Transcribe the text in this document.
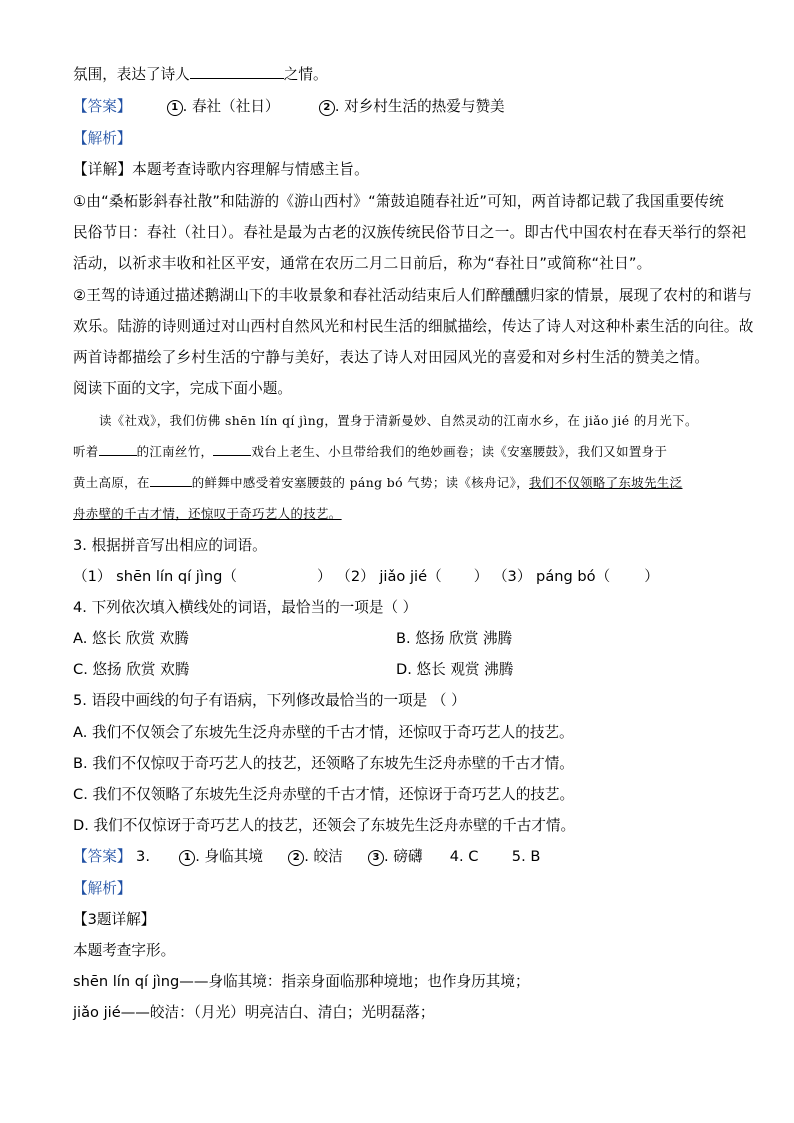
氛围，表达了诗人	之情。
【答案】	1 . 春社（社日）	2 . 对乡村生活的热爱与赞美
【解析】
【详解】本题考查诗歌内容理解与情感主旨。
①由“桑柘影斜春社散”和陆游的《游山西村》“箫鼓追随春社近”可知，两首诗都记载了我国重要传统
民俗节日：春社（社日）。春社是最为古老的汉族传统民俗节日之一。即古代中国农村在春天举行的祭祀
活动，以祈求丰收和社区平安，通常在农历二月二日前后，称为“春社日”或简称“社日”。
②王驾的诗通过描述鹅湖山下的丰收景象和春社活动结束后人们醉醺醺归家的情景，展现了农村的和谐与
欢乐。陆游的诗则通过对山西村自然风光和村民生活的细腻描绘，传达了诗人对这种朴素生活的向往。故
两首诗都描绘了乡村生活的宁静与美好，表达了诗人对田园风光的喜爱和对乡村生活的赞美之情。
阅读下面的文字，完成下面小题。
读《社戏》，我们仿佛 shēn lín qí jìng，置身于清新曼妙、自然灵动的江南水乡，在 jiǎo jié 的月光下。
听着	的江南丝竹，	戏台上老生、小旦带给我们的绝妙画卷；读《安塞腰鼓》，我们又如置身于
黄土高原，在	的鲜舞中感受着安塞腰鼓的 páng bó 气势；读《核舟记》，我们不仅领略了东坡先生泛
舟赤壁的千古才情，还惊叹于奇巧艺人的技艺。
3. 根据拼音写出相应的词语。
（1） shēn lín qí jìng（	） （2） jiǎo jié（ ） （3） páng bó（ ）
4. 下列依次填入横线处的词语，最恰当的一项是（ ）
A. 悠长 欣赏 欢腾	B. 悠扬 欣赏 沸腾
C. 悠扬 欣赏 欢腾	D. 悠长 观赏 沸腾
5. 语段中画线的句子有语病，下列修改最恰当的一项是 （ ）
A. 我们不仅领会了东坡先生泛舟赤壁的千古才情，还惊叹于奇巧艺人的技艺。
B. 我们不仅惊叹于奇巧艺人的技艺，还领略了东坡先生泛舟赤壁的千古才情。
C. 我们不仅领略了东坡先生泛舟赤壁的千古才情，还惊讶于奇巧艺人的技艺。
D. 我们不仅惊讶于奇巧艺人的技艺，还领会了东坡先生泛舟赤壁的千古才情。
【答案】 3.	1 . 身临其境	2 . 皎洁	3 . 磅礴 4. C 5. B
【解析】
【3题详解】
本题考查字形。
shēn lín qí jìng——身临其境：指亲身面临那种境地；也作身历其境；
jiǎo jié——皎洁：（月光）明亮洁白、清白；光明磊落；
